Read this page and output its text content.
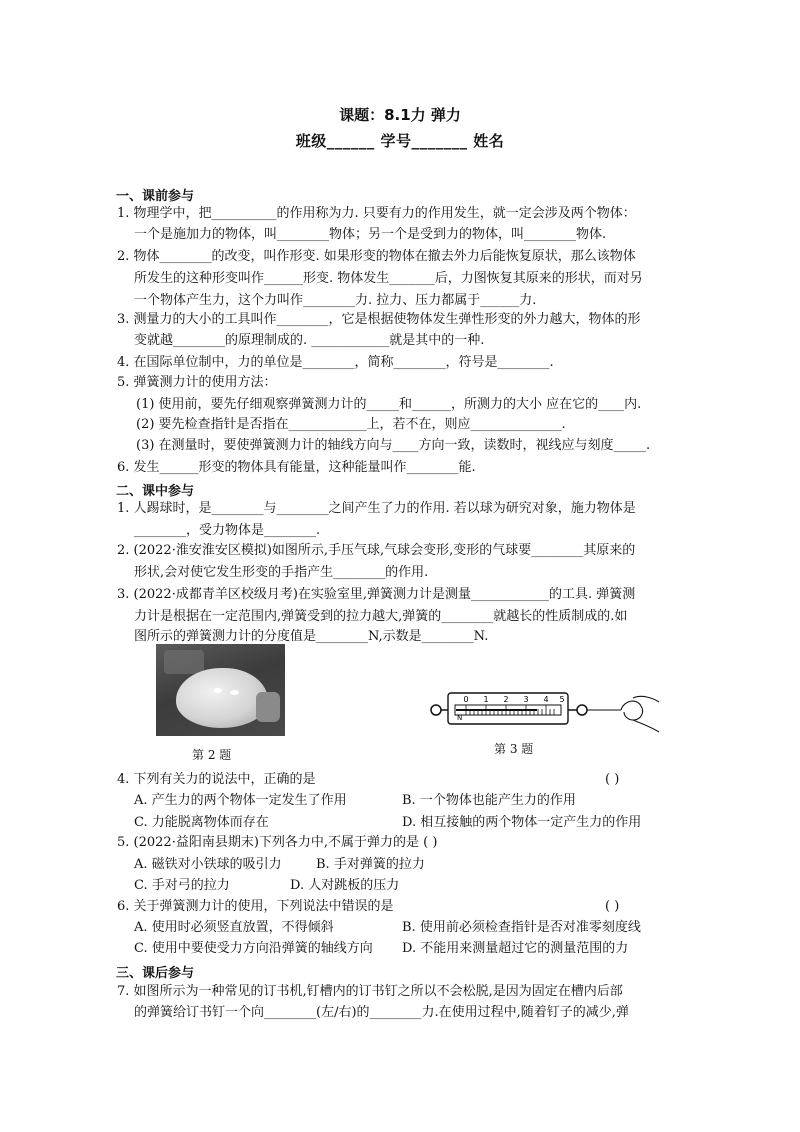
课题：8.1力 弹力
班级______ 学号_______ 姓名
一、课前参与
1. 物理学中，把__________的作用称为力. 只要有力的作用发生，就一定会涉及两个物体：
一个是施加力的物体，叫________物体；另一个是受到力的物体，叫________物体.
2. 物体________的改变，叫作形变. 如果形变的物体在撤去外力后能恢复原状，那么该物体
所发生的这种形变叫作______形变. 物体发生_______后，力图恢复其原来的形状，而对另
一个物体产生力，这个力叫作________力. 拉力、压力都属于______力.
3. 测量力的大小的工具叫作________，它是根据使物体发生弹性形变的外力越大，物体的形
变就越________的原理制成的. ____________就是其中的一种.
4. 在国际单位制中，力的单位是________，简称________，符号是________.
5. 弹簧测力计的使用方法：
(1) 使用前，要先仔细观察弹簧测力计的_____和______，所测力的大小 应在它的____内.
(2) 要先检查指针是否指在____________上，若不在，则应______________.
(3) 在测量时，要使弹簧测力计的轴线方向与____方向一致，读数时，视线应与刻度_____.
6. 发生______形变的物体具有能量，这种能量叫作________能.
二、课中参与
1. 人踢球时，是________与________之间产生了力的作用. 若以球为研究对象，施力物体是
________，受力物体是________.
2. (2022·淮安淮安区模拟)如图所示,手压气球,气球会变形,变形的气球要________其原来的
形状,会对使它发生形变的手指产生________的作用.
3. (2022·成都青羊区校级月考)在实验室里,弹簧测力计是测量____________的工具. 弹簧测
力计是根据在一定范围内,弹簧受到的拉力越大,弹簧的________就越长的性质制成的.如
图所示的弹簧测力计的分度值是________N,示数是________N.
第 2 题
0 1 2 3 4 5
N
第 3 题
4. 下列有关力的说法中，正确的是	( )
A. 产生力的两个物体一定发生了作用	B. 一个物体也能产生力的作用
C. 力能脱离物体而存在	D. 相互接触的两个物体一定产生力的作用
5. (2022·益阳南县期末)下列各力中,不属于弹力的是 ( )
A. 磁铁对小铁球的吸引力	B. 手对弹簧的拉力
C. 手对弓的拉力	D. 人对跳板的压力
6. 关于弹簧测力计的使用，下列说法中错误的是	( )
A. 使用时必须竖直放置，不得倾斜	B. 使用前必须检查指针是否对准零刻度线
C. 使用中要使受力方向沿弹簧的轴线方向 D. 不能用来测量超过它的测量范围的力
三、课后参与
7. 如图所示为一种常见的订书机,钉槽内的订书钉之所以不会松脱,是因为固定在槽内后部
的弹簧给订书钉一个向________(左/右)的________力.在使用过程中,随着钉子的减少,弹
